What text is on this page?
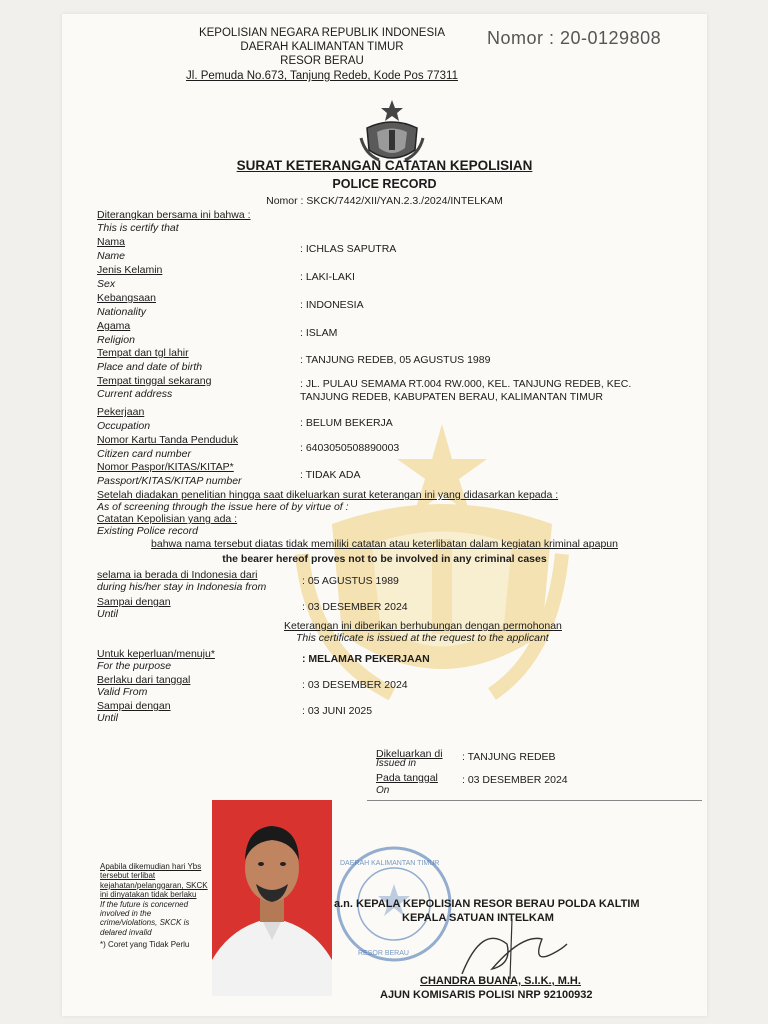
KEPOLISIAN NEGARA REPUBLIK INDONESIA
DAERAH KALIMANTAN TIMUR
RESOR BERAU
Jl. Pemuda No.673, Tanjung Redeb, Kode Pos 77311
Nomor : 20-0129808
SURAT KETERANGAN CATATAN KEPOLISIAN
POLICE RECORD
Nomor : SKCK/7442/XII/YAN.2.3./2024/INTELKAM
Diterangkan bersama ini bahwa :
This is certify that
Nama
Name
: ICHLAS SAPUTRA
Jenis Kelamin
Sex
: LAKI-LAKI
Kebangsaan
Nationality
: INDONESIA
Agama
Religion
: ISLAM
Tempat dan tgl lahir
Place and date of birth
: TANJUNG REDEB, 05 AGUSTUS 1989
Tempat tinggal sekarang
Current address
: JL. PULAU SEMAMA RT.004 RW.000, KEL. TANJUNG REDEB, KEC.
TANJUNG REDEB, KABUPATEN BERAU, KALIMANTAN TIMUR
Pekerjaan
Occupation	: BELUM BEKERJA
Nomor Kartu Tanda Penduduk
Citizen card number	: 6403050508890003
Nomor Paspor/KITAS/KITAP*
Passport/KITAS/KITAP number	: TIDAK ADA
Setelah diadakan penelitian hingga saat dikeluarkan surat keterangan ini yang didasarkan kepada :
As of screening through the issue here of by virtue of :
Catatan Kepolisian yang ada :
Existing Police record
bahwa nama tersebut diatas tidak memiliki catatan atau keterlibatan dalam kegiatan kriminal apapun
the bearer hereof proves not to be involved in any criminal cases
selama ia berada di Indonesia dari
during his/her stay in Indonesia from	: 05 AGUSTUS 1989
Sampai dengan
Until
: 03 DESEMBER 2024
Keterangan ini diberikan berhubungan dengan permohonan
This certificate is issued at the request to the applicant
Untuk keperluan/menuju*
For the purpose
: MELAMAR PEKERJAAN
Berlaku dari tanggal
Valid From
: 03 DESEMBER 2024
Sampai dengan
Until
: 03 JUNI 2025
Dikeluarkan di
Issued in
: TANJUNG REDEB
Pada tanggal
On
: 03 DESEMBER 2024
DAERAH KALIMANTAN TIMUR
RESOR BERAU
Apabila dikemudian hari Ybs tersebut terlibat kejahatan/pelanggaran, SKCK ini dinyatakan tidak berlaku
If the future is concerned involved in the crime/violations, SKCK is delared invalid
*) Coret yang Tidak Perlu
a.n. KEPALA KEPOLISIAN RESOR BERAU POLDA KALTIM
KEPALA SATUAN INTELKAM
CHANDRA BUANA, S.I.K., M.H.
AJUN KOMISARIS POLISI NRP 92100932
